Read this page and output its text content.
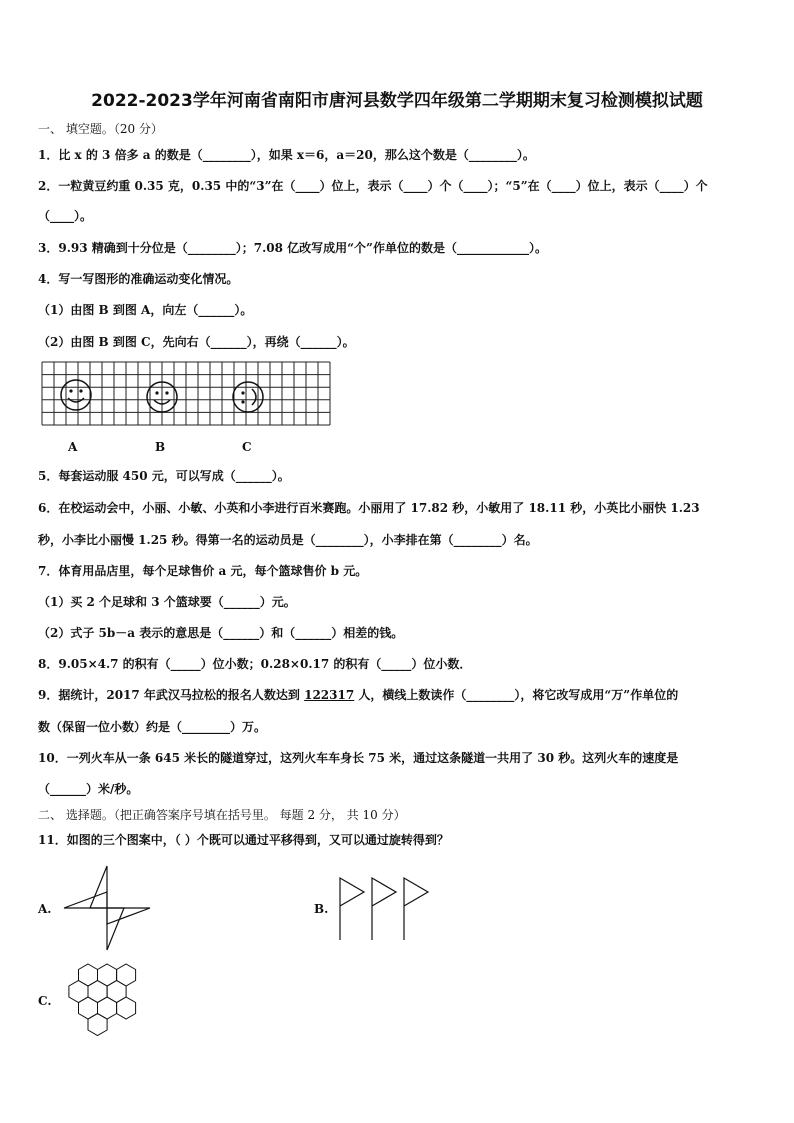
2022-2023学年河南省南阳市唐河县数学四年级第二学期期末复习检测模拟试题
一、 填空题。（20 分）
1．比 x 的 3 倍多 a 的数是（________），如果 x＝6，a＝20，那么这个数是（________）。
2．一粒黄豆约重 0.35 克，0.35 中的“3”在（____）位上，表示（____）个（____）；“5”在（____）位上，表示（____）个
（____）。
3．9.93 精确到十分位是（________）；7.08 亿改写成用“个”作单位的数是（____________）。
4．写一写图形的准确运动变化情况。
（1）由图 B 到图 A，向左（______）。
（2）由图 B 到图 C，先向右（______），再绕（______）。
A	B	C
5．每套运动服 450 元，可以写成（______）。
6．在校运动会中，小丽、小敏、小英和小李进行百米赛跑。小丽用了 17.82 秒，小敏用了 18.11 秒，小英比小丽快 1.23
秒，小李比小丽慢 1.25 秒。得第一名的运动员是（________），小李排在第（________）名。
7．体育用品店里，每个足球售价 a 元，每个篮球售价 b 元。
（1）买 2 个足球和 3 个篮球要（______）元。
（2）式子 5b－a 表示的意思是（______）和（______）相差的钱。
8．9.05×4.7 的积有（_____）位小数；0.28×0.17 的积有（_____）位小数．
9．据统计，2017 年武汉马拉松的报名人数达到 122317 人，横线上数读作（________），将它改写成用“万”作单位的
数（保留一位小数）约是（________）万。
10．一列火车从一条 645 米长的隧道穿过，这列火车车身长 75 米，通过这条隧道一共用了 30 秒。这列火车的速度是
（______）米/秒。
二、 选择题。（把正确答案序号填在括号里。 每题 2 分， 共 10 分）
11．如图的三个图案中，（ ）个既可以通过平移得到，又可以通过旋转得到？
A.	B.
C.
